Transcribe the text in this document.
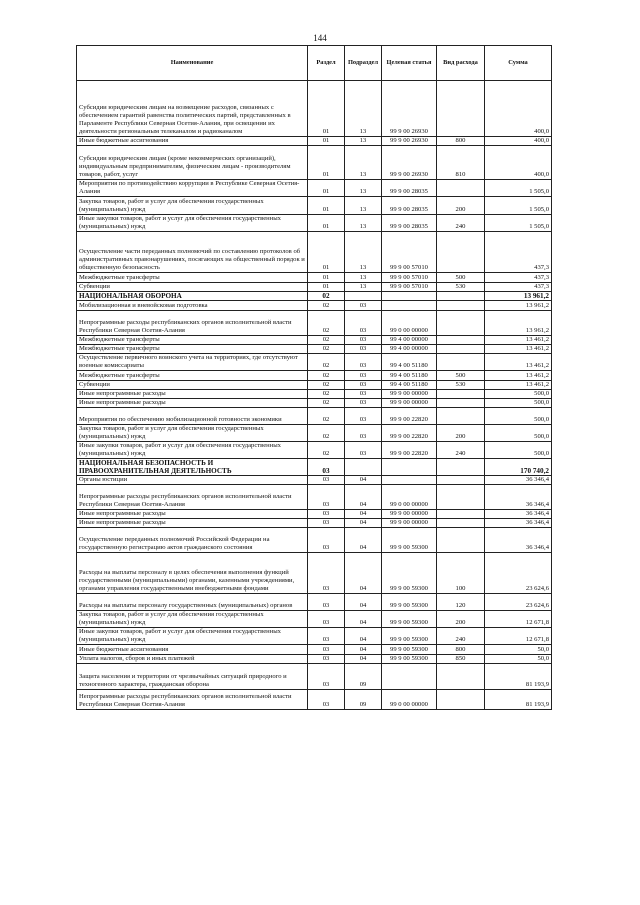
144
Наименование	Раздел	Подраздел	Целевая статья	Вид расхода	Сумма
Субсидии юридическим лицам на возмещение расходов, связанных с обеспечением гарантий равенства политических партий, представленных в Парламенте Республики Северная Осетия-Алания, при освещении их деятельности региональным телеканалом и радиоканалом	01	13	99 9 00 26930		400,0
Иные бюджетные ассигнования	01	13	99 9 00 26930	800	400,0
Субсидии юридическим лицам (кроме некоммерческих организаций), индивидуальным предпринимателям, физическим лицам - производителям товаров, работ, услуг	01	13	99 9 00 26930	810	400,0
Мероприятия по противодействию коррупции в Республике Северная Осетия-Алания	01	13	99 9 00 28035		1 505,0
Закупка товаров, работ и услуг для обеспечения государственных (муниципальных) нужд	01	13	99 9 00 28035	200	1 505,0
Иные закупки товаров, работ и услуг для обеспечения государственных (муниципальных) нужд	01	13	99 9 00 28035	240	1 505,0
Осуществление части переданных полномочий по составлению протоколов об административных правонарушениях, посягающих на общественный порядок и общественную безопасность	01	13	99 9 00 57010		437,3
Межбюджетные трансферты	01	13	99 9 00 57010	500	437,3
Субвенции	01	13	99 9 00 57010	530	437,3
НАЦИОНАЛЬНАЯ ОБОРОНА	02				13 961,2
Мобилизационная и вневойсковая подготовка	02	03			13 961,2
Непрограммные расходы республиканских органов исполнительной власти Республики Северная Осетия-Алания	02	03	99 0 00 00000		13 961,2
Межбюджетные трансферты	02	03	99 4 00 00000		13 461,2
Межбюджетные трансферты	02	03	99 4 00 00000		13 461,2
Осуществление первичного воинского учета на территориях, где отсутствуют военные комиссариаты	02	03	99 4 00 51180		13 461,2
Межбюджетные трансферты	02	03	99 4 00 51180	500	13 461,2
Субвенции	02	03	99 4 00 51180	530	13 461,2
Иные непрограммные расходы	02	03	99 9 00 00000		500,0
Иные непрограммные расходы	02	03	99 9 00 00000		500,0
Мероприятия по обеспечению мобилизационной готовности экономики	02	03	99 9 00 22820		500,0
Закупка товаров, работ и услуг для обеспечения государственных (муниципальных) нужд	02	03	99 9 00 22820	200	500,0
Иные закупки товаров, работ и услуг для обеспечения государственных (муниципальных) нужд	02	03	99 9 00 22820	240	500,0
НАЦИОНАЛЬНАЯ БЕЗОПАСНОСТЬ И ПРАВООХРАНИТЕЛЬНАЯ ДЕЯТЕЛЬНОСТЬ	03				170 740,2
Органы юстиции	03	04			36 346,4
Непрограммные расходы республиканских органов исполнительной власти Республики Северная Осетия-Алания	03	04	99 0 00 00000		36 346,4
Иные непрограммные расходы	03	04	99 9 00 00000		36 346,4
Иные непрограммные расходы	03	04	99 9 00 00000		36 346,4
Осуществление переданных полномочий Российской Федерации на государственную регистрацию актов гражданского состояния	03	04	99 9 00 59300		36 346,4
Расходы на выплаты персоналу в целях обеспечения выполнения функций государственными (муниципальными) органами, казенными учреждениями, органами управления государственными внебюджетными фондами	03	04	99 9 00 59300	100	23 624,6
Расходы на выплаты персоналу государственных (муниципальных) органов	03	04	99 9 00 59300	120	23 624,6
Закупка товаров, работ и услуг для обеспечения государственных (муниципальных) нужд	03	04	99 9 00 59300	200	12 671,8
Иные закупки товаров, работ и услуг для обеспечения государственных (муниципальных) нужд	03	04	99 9 00 59300	240	12 671,8
Иные бюджетные ассигнования	03	04	99 9 00 59300	800	50,0
Уплата налогов, сборов и иных платежей	03	04	99 9 00 59300	850	50,0
Защита населения и территории от чрезвычайных ситуаций природного и техногенного характера, гражданская оборона	03	09			81 193,9
Непрограммные расходы республиканских органов исполнительной власти Республики Северная Осетия-Алания	03	09	99 0 00 00000		81 193,9
